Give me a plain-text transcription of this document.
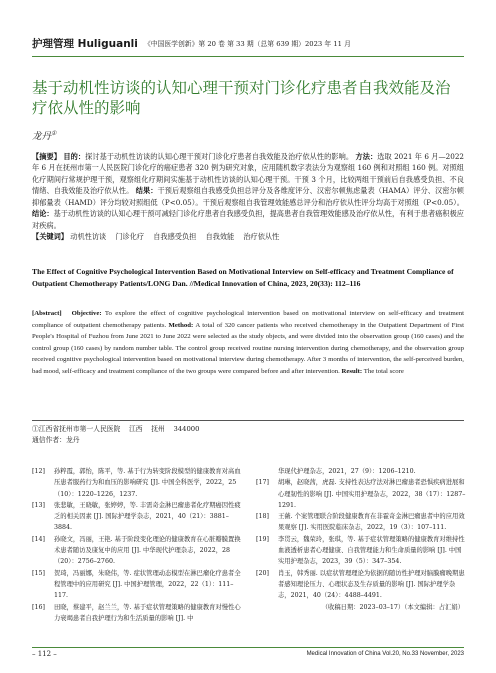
护理管理 Huliguanli 《中国医学创新》第 20 卷 第 33 期（总第 639 期）2023 年 11 月
基于动机性访谈的认知心理干预对门诊化疗患者自我效能及治疗依从性的影响
龙丹①
【摘要】 目的：探讨基于动机性访谈的认知心理干预对门诊化疗患者自我效能及治疗依从性的影响。 方法：选取 2021 年 6 月—2022 年 6 月在抚州市第一人民医院门诊化疗的癌症患者 320 例为研究对象，应用随机数字表法分为观察组 160 例和对照组 160 例。对照组化疗期间行常规护理干预，观察组化疗期间实施基于动机性访谈的认知心理干预。干预 3 个月，比较两组干预前后自我感受负担、不良情绪、自我效能及治疗依从性。 结果：干预后观察组自我感受负担总评分及各维度评分、汉密尔顿焦虑量表（HAMA）评分、汉密尔顿抑郁量表（HAMD）评分均较对照组低（P<0.05）。干预后观察组自我管理效能感总评分和治疗依从性评分均高于对照组（P<0.05）。 结论：基于动机性访谈的认知心理干预可减轻门诊化疗患者自我感受负担，提高患者自我管理效能感及治疗依从性，有利于患者癌积极应对疾病。
【关键词】 动机性访谈    门诊化疗    自我感受负担    自我效能    治疗依从性
The Effect of Cognitive Psychological Intervention Based on Motivational Interview on Self-efficacy and Treatment Compliance of Outpatient Chemotherapy Patients/LONG Dan. //Medical Innovation of China, 2023, 20(33): 112–116
[Abstract] Objective: To explore the effect of cognitive psychological intervention based on motivational interview on self-efficacy and treatment compliance of outpatient chemotherapy patients. Method: A total of 320 cancer patients who received chemotherapy in the Outpatient Department of First People's Hospital of Fuzhou from June 2021 to June 2022 were selected as the study objects, and were divided into the observation group (160 cases) and the control group (160 cases) by random number table. The control group received routine nursing intervention during chemotherapy, and the observation group received cognitive psychological intervention based on motivational interview during chemotherapy. After 3 months of intervention, the self-perceived burden, bad mood, self-efficacy and treatment compliance of the two groups were compared before and after intervention. Result: The total score
①江西省抚州市第一人民医院    江西    抚州    344000
通信作者：龙丹
[12]	孙粹霞，郭怡，陈平，等. 基于行为转变阶段模型的健康教育对高血压患者服药行为和血压的影响研究 [J]. 中国全科医学，2022，25（10）：1220–1226，1237.
[13]	张悲敏，王晓敏，张婷婷，等. 丰需奇金淋巴瘤患者化疗期癌因性疲乏的相关因素 [J]. 国际护理学杂志，2021，40（21）：3881–3884.
[14]	孙晓文，冯丽，王艳. 基于阶段变化理论的健康教育在心脏瓣膜置换术患者随访及康复中的应用 [J]. 中华现代护理杂志，2022，28（20）：2756–2760.
[15]	贺琦，冯丽娜，朱晓伟，等. 症状管理动态模型在淋巴瘤化疗患者全程管理中的应用研究 [J]. 中国护理管理，2022，22（1）：111–117.
[16]	田晓，蔡建平，赵兰兰，等. 基于症状管理策略的健康教育对慢性心力衰竭患者自我护理行为和生活质量的影响 [J]. 中
华现代护理杂志，2021，27（9）：1206–1210.
[17]	胡琳，赵晓茜，虎磊. 支持性表达疗法对淋巴瘤患者恐惧疾病进展和心理韧性的影响 [J]. 中国实用护理杂志，2022，38（17）：1287–1291.
[18]	王薇. 个案管理联合阶段健康教育在非霍奇金淋巴瘤患者中的应用效果观察 [J]. 实用医院临床杂志，2022，19（3）：107–111.
[19]	李贯云，魏荣玲，张琪，等. 基于症状管理策略的健康教育对维持性血液透析患者心理健康、自我管理能力和生命质量的影响 [J]. 中国实用护理杂志，2023，39（5）：347–354.
[20]	肖玉，韩秀丽. 以症状管理理论为依据的随访性护理对脑膜瘤晚期患者感知理论压力、心理状态及生存质量的影响 [J]. 国际护理学杂志，2021，40（24）：4488–4491.
（收稿日期：2023–03–17）（本文编辑：占汇娟）
– 112 –	Medical Innovation of China Vol.20, No.33 November, 2023
